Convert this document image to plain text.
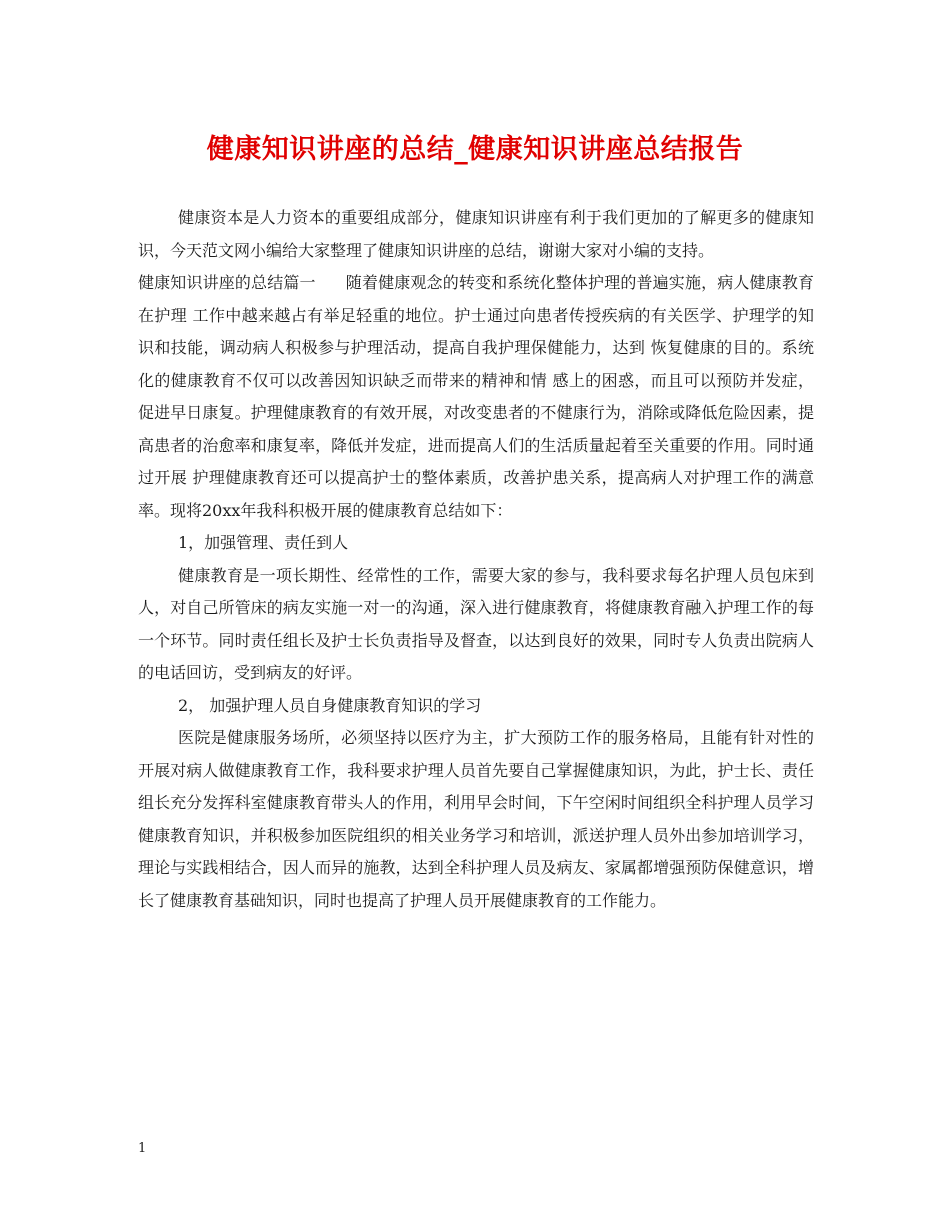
健康知识讲座的总结_健康知识讲座总结报告

健康资本是人力资本的重要组成部分，健康知识讲座有利于我们更加的了解更多的健康知识，今天范文网小编给大家整理了健康知识讲座的总结，谢谢大家对小编的支持。

健康知识讲座的总结篇一 随着健康观念的转变和系统化整体护理的普遍实施，病人健康教育在护理 工作中越来越占有举足轻重的地位。护士通过向患者传授疾病的有关医学、护理学的知识和技能，调动病人积极参与护理活动，提高自我护理保健能力，达到 恢复健康的目的。系统化的健康教育不仅可以改善因知识缺乏而带来的精神和情 感上的困惑，而且可以预防并发症，促进早日康复。护理健康教育的有效开展，对改变患者的不健康行为，消除或降低危险因素，提高患者的治愈率和康复率，降低并发症，进而提高人们的生活质量起着至关重要的作用。同时通过开展 护理健康教育还可以提高护士的整体素质，改善护患关系，提高病人对护理工作的满意率。现将20xx年我科积极开展的健康教育总结如下：

1，加强管理、责任到人

健康教育是一项长期性、经常性的工作，需要大家的参与，我科要求每名护理人员包床到人，对自己所管床的病友实施一对一的沟通，深入进行健康教育，将健康教育融入护理工作的每一个环节。同时责任组长及护士长负责指导及督查，以达到良好的效果，同时专人负责出院病人的电话回访，受到病友的好评。

2， 加强护理人员自身健康教育知识的学习

医院是健康服务场所，必须坚持以医疗为主，扩大预防工作的服务格局，且能有针对性的开展对病人做健康教育工作，我科要求护理人员首先要自己掌握健康知识，为此，护士长、责任组长充分发挥科室健康教育带头人的作用，利用早会时间，下午空闲时间组织全科护理人员学习健康教育知识，并积极参加医院组织的相关业务学习和培训，派送护理人员外出参加培训学习，理论与实践相结合，因人而异的施教，达到全科护理人员及病友、家属都增强预防保健意识，增长了健康教育基础知识，同时也提高了护理人员开展健康教育的工作能力。

1
